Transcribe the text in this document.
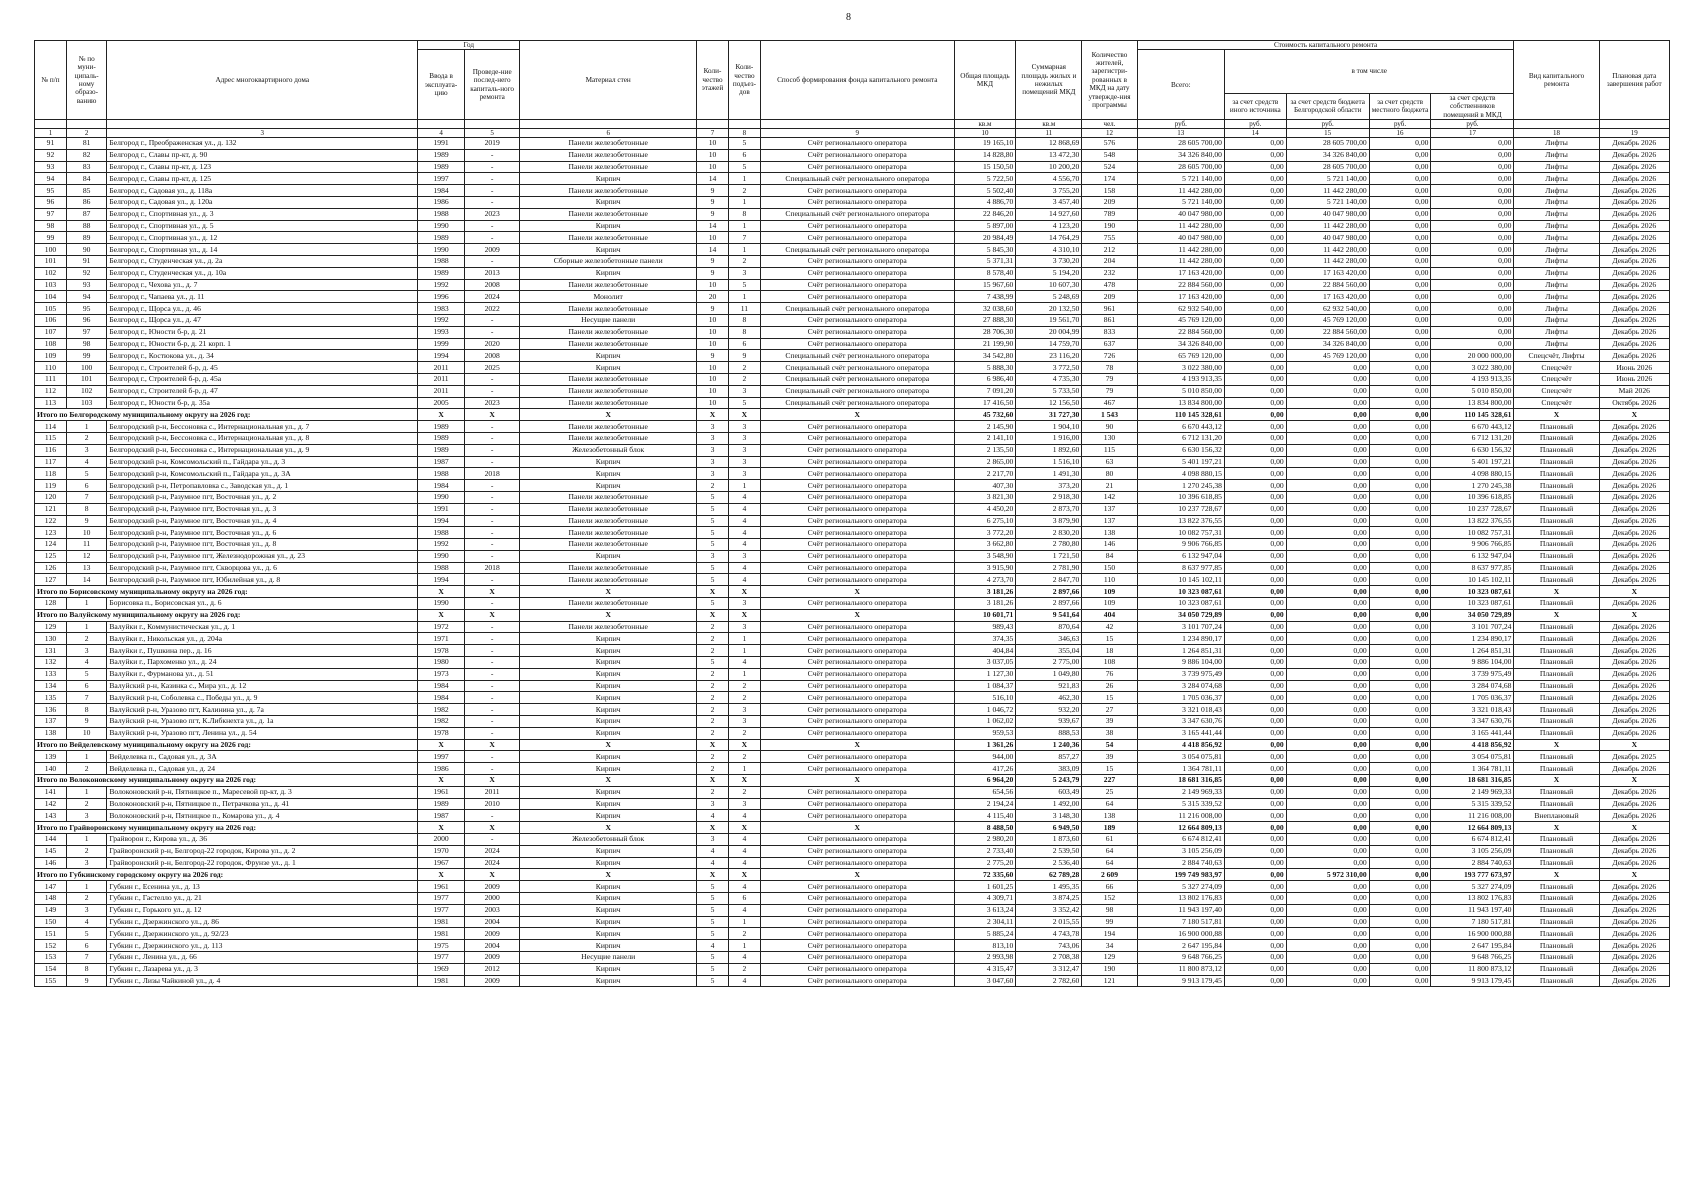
8
№ п/п	№ по муни-ципаль-ному образо-ванию	Адрес многоквартирного дома	Год		Материал стен	Коли-чество этажей	Коли-чество подъез-дов	Способ формирования фонда капитального ремонта	Общая площадь МКД	Суммарная площадь жилых и нежилых помещений МКД	Количество жителей, зарегистри-рованных в МКД на дату утвержде-ния программы	Стоимость капитального ремонта					Вид капитального ремонта	Плановая дата завершения работ
			Ввода в эксплуата-цию	Проведе-ние послед-него капиталь-ного ремонта								Всего:	в том числе					
													за счет средств иного источника	за счет средств бюджета Белгородской области	за счет средств местного бюджета	за счет средств собственников помещений в МКД		
									кв.м	кв.м	чел.	руб.	руб.	руб.	руб.	руб.		
1	2	3	4	5	6	7	8	9	10	11	12	13	14	15	16	17	18	19
91	81	Белгород г., Преображенская ул., д. 132	1991	2019	Панели железобетонные	10	5	Счёт регионального оператора	19 165,10	12 868,69	576	28 605 700,00	0,00	28 605 700,00	0,00	0,00	Лифты	Декабрь 2026
92	82	Белгород г., Славы пр-кт, д. 90	1989	-	Панели железобетонные	10	6	Счёт регионального оператора	14 828,80	13 472,30	548	34 326 840,00	0,00	34 326 840,00	0,00	0,00	Лифты	Декабрь 2026
93	83	Белгород г., Славы пр-кт, д. 123	1989	-	Панели железобетонные	10	5	Счёт регионального оператора	15 150,50	10 200,20	524	28 605 700,00	0,00	28 605 700,00	0,00	0,00	Лифты	Декабрь 2026
94	84	Белгород г., Славы пр-кт, д. 125	1997	-	Кирпич	14	1	Специальный счёт регионального оператора	5 722,50	4 556,70	174	5 721 140,00	0,00	5 721 140,00	0,00	0,00	Лифты	Декабрь 2026
95	85	Белгород г., Садовая ул., д. 118а	1984	-	Панели железобетонные	9	2	Счёт регионального оператора	5 502,40	3 755,20	158	11 442 280,00	0,00	11 442 280,00	0,00	0,00	Лифты	Декабрь 2026
96	86	Белгород г., Садовая ул., д. 120а	1986	-	Кирпич	9	1	Счёт регионального оператора	4 886,70	3 457,40	209	5 721 140,00	0,00	5 721 140,00	0,00	0,00	Лифты	Декабрь 2026
97	87	Белгород г., Спортивная ул., д. 3	1988	2023	Панели железобетонные	9	8	Специальный счёт регионального оператора	22 846,20	14 927,60	789	40 047 980,00	0,00	40 047 980,00	0,00	0,00	Лифты	Декабрь 2026
98	88	Белгород г., Спортивная ул., д. 5	1990	-	Кирпич	14	1	Счёт регионального оператора	5 897,00	4 123,20	190	11 442 280,00	0,00	11 442 280,00	0,00	0,00	Лифты	Декабрь 2026
99	89	Белгород г., Спортивная ул., д. 12	1989	-	Панели железобетонные	10	7	Счёт регионального оператора	20 984,49	14 764,29	755	40 047 980,00	0,00	40 047 980,00	0,00	0,00	Лифты	Декабрь 2026
100	90	Белгород г., Спортивная ул., д. 14	1990	2009	Кирпич	14	1	Специальный счёт регионального оператора	5 845,30	4 310,10	212	11 442 280,00	0,00	11 442 280,00	0,00	0,00	Лифты	Декабрь 2026
101	91	Белгород г., Студенческая ул., д. 2а	1988	-	Сборные железобетонные панели	9	2	Счёт регионального оператора	5 371,31	3 730,20	204	11 442 280,00	0,00	11 442 280,00	0,00	0,00	Лифты	Декабрь 2026
102	92	Белгород г., Студенческая ул., д. 10а	1989	2013	Кирпич	9	3	Счёт регионального оператора	8 578,40	5 194,20	232	17 163 420,00	0,00	17 163 420,00	0,00	0,00	Лифты	Декабрь 2026
103	93	Белгород г., Чехова ул., д. 7	1992	2008	Панели железобетонные	10	5	Счёт регионального оператора	15 967,60	10 607,30	478	22 884 560,00	0,00	22 884 560,00	0,00	0,00	Лифты	Декабрь 2026
104	94	Белгород г., Чапаева ул., д. 11	1996	2024	Монолит	20	1	Счёт регионального оператора	7 438,99	5 248,69	209	17 163 420,00	0,00	17 163 420,00	0,00	0,00	Лифты	Декабрь 2026
105	95	Белгород г., Щорса ул., д. 46	1983	2022	Панели железобетонные	9	11	Специальный счёт регионального оператора	32 038,60	20 132,50	961	62 932 540,00	0,00	62 932 540,00	0,00	0,00	Лифты	Декабрь 2026
106	96	Белгород г., Щорса ул., д. 47	1992	-	Несущие панели	10	8	Счёт регионального оператора	27 888,30	19 561,70	861	45 769 120,00	0,00	45 769 120,00	0,00	0,00	Лифты	Декабрь 2026
107	97	Белгород г., Юности б-р, д. 21	1993	-	Панели железобетонные	10	8	Счёт регионального оператора	28 706,30	20 004,99	833	22 884 560,00	0,00	22 884 560,00	0,00	0,00	Лифты	Декабрь 2026
108	98	Белгород г., Юности б-р, д. 21 корп. 1	1999	2020	Панели железобетонные	10	6	Счёт регионального оператора	21 199,90	14 759,70	637	34 326 840,00	0,00	34 326 840,00	0,00	0,00	Лифты	Декабрь 2026
109	99	Белгород г., Костюкова ул., д. 34	1994	2008	Кирпич	9	9	Специальный счёт регионального оператора	34 542,80	23 116,20	726	65 769 120,00	0,00	45 769 120,00	0,00	20 000 000,00	Спецсчёт, Лифты	Декабрь 2026
110	100	Белгород г., Строителей б-р, д. 45	2011	2025	Кирпич	10	2	Специальный счёт регионального оператора	5 888,30	3 772,50	78	3 022 380,00	0,00	0,00	0,00	3 022 380,00	Спецсчёт	Июнь 2026
111	101	Белгород г., Строителей б-р, д. 45а	2011	-	Панели железобетонные	10	2	Специальный счёт регионального оператора	6 986,40	4 735,30	79	4 193 913,35	0,00	0,00	0,00	4 193 913,35	Спецсчёт	Июнь 2026
112	102	Белгород г., Строителей б-р, д. 47	2011	-	Панели железобетонные	10	3	Специальный счёт регионального оператора	7 091,20	5 733,50	79	5 010 850,00	0,00	0,00	0,00	5 010 850,00	Спецсчёт	Май 2026
113	103	Белгород г., Юности б-р, д. 35а	2005	2023	Панели железобетонные	10	5	Специальный счёт регионального оператора	17 416,50	12 156,50	467	13 834 800,00	0,00	0,00	0,00	13 834 800,00	Спецсчёт	Октябрь 2026
Итого по Белгородскому муниципальному округу на 2026 год:			X	X	X	X	X	X	45 732,60	31 727,30	1 543	110 145 328,61	0,00	0,00	0,00	110 145 328,61	X	X
114	1	Белгородский р-н, Бессоновка с., Интернациональная ул., д. 7	1989	-	Панели железобетонные	3	3	Счёт регионального оператора	2 145,90	1 904,10	90	6 670 443,12	0,00	0,00	0,00	6 670 443,12	Плановый	Декабрь 2026
115	2	Белгородский р-н, Бессоновка с., Интернациональная ул., д. 8	1989	-	Панели железобетонные	3	3	Счёт регионального оператора	2 141,10	1 916,00	130	6 712 131,20	0,00	0,00	0,00	6 712 131,20	Плановый	Декабрь 2026
116	3	Белгородский р-н, Бессоновка с., Интернациональная ул., д. 9	1989	-	Железобетонный блок	3	3	Счёт регионального оператора	2 135,50	1 892,60	115	6 630 156,32	0,00	0,00	0,00	6 630 156,32	Плановый	Декабрь 2026
117	4	Белгородский р-н, Комсомольский п., Гайдара ул., д. 3	1987	-	Кирпич	3	3	Счёт регионального оператора	2 865,00	1 516,10	63	5 401 197,21	0,00	0,00	0,00	5 401 197,21	Плановый	Декабрь 2026
118	5	Белгородский р-н, Комсомольский п., Гайдара ул., д. 3А	1988	2018	Кирпич	3	3	Счёт регионального оператора	2 217,70	1 491,30	80	4 098 880,15	0,00	0,00	0,00	4 098 880,15	Плановый	Декабрь 2026
119	6	Белгородский р-н, Петропавловка с., Заводская ул., д. 1	1984	-	Кирпич	2	1	Счёт регионального оператора	407,30	373,20	21	1 270 245,38	0,00	0,00	0,00	1 270 245,38	Плановый	Декабрь 2026
120	7	Белгородский р-н, Разумное пгт, Восточная ул., д. 2	1990	-	Панели железобетонные	5	4	Счёт регионального оператора	3 821,30	2 918,30	142	10 396 618,85	0,00	0,00	0,00	10 396 618,85	Плановый	Декабрь 2026
121	8	Белгородский р-н, Разумное пгт, Восточная ул., д. 3	1991	-	Панели железобетонные	5	4	Счёт регионального оператора	4 450,20	2 873,70	137	10 237 728,67	0,00	0,00	0,00	10 237 728,67	Плановый	Декабрь 2026
122	9	Белгородский р-н, Разумное пгт, Восточная ул., д. 4	1994	-	Панели железобетонные	5	4	Счёт регионального оператора	6 275,10	3 879,90	137	13 822 376,55	0,00	0,00	0,00	13 822 376,55	Плановый	Декабрь 2026
123	10	Белгородский р-н, Разумное пгт, Восточная ул., д. 6	1988	-	Панели железобетонные	5	4	Счёт регионального оператора	3 772,20	2 830,20	138	10 082 757,31	0,00	0,00	0,00	10 082 757,31	Плановый	Декабрь 2026
124	11	Белгородский р-н, Разумное пгт, Восточная ул., д. 8	1992	-	Панели железобетонные	5	4	Счёт регионального оператора	3 662,80	2 780,80	146	9 906 766,85	0,00	0,00	0,00	9 906 766,85	Плановый	Декабрь 2026
125	12	Белгородский р-н, Разумное пгт, Железнодорожная ул., д. 23	1990	-	Кирпич	3	3	Счёт регионального оператора	3 548,90	1 721,50	84	6 132 947,04	0,00	0,00	0,00	6 132 947,04	Плановый	Декабрь 2026
126	13	Белгородский р-н, Разумное пгт, Скворцова ул., д. 6	1988	2018	Панели железобетонные	5	4	Счёт регионального оператора	3 915,90	2 781,90	150	8 637 977,85	0,00	0,00	0,00	8 637 977,85	Плановый	Декабрь 2026
127	14	Белгородский р-н, Разумное пгт, Юбилейная ул., д. 8	1994	-	Панели железобетонные	5	4	Счёт регионального оператора	4 273,70	2 847,70	110	10 145 102,11	0,00	0,00	0,00	10 145 102,11	Плановый	Декабрь 2026
Итого по Борисовскому муниципальному округу на 2026 год:			X	X	X	X	X	X	3 181,26	2 897,66	109	10 323 087,61	0,00	0,00	0,00	10 323 087,61	X	X
128	1	Борисовка п., Борисовская ул., д. 6	1990	-	Панели железобетонные	5	3	Счёт регионального оператора	3 181,26	2 897,66	109	10 323 087,61	0,00	0,00	0,00	10 323 087,61	Плановый	Декабрь 2026
Итого по Валуйскому муниципальному округу на 2026 год:			X	X	X	X	X	X	10 601,71	9 541,64	404	34 050 729,89	0,00	0,00	0,00	34 050 729,89	X	X
129	1	Валуйки г., Коммунистическая ул., д. 1	1972	-	Панели железобетонные	2	3	Счёт регионального оператора	989,43	870,64	42	3 101 707,24	0,00	0,00	0,00	3 101 707,24	Плановый	Декабрь 2026
130	2	Валуйки г., Никольская ул., д. 204а	1971	-	Кирпич	2	1	Счёт регионального оператора	374,35	346,63	15	1 234 890,17	0,00	0,00	0,00	1 234 890,17	Плановый	Декабрь 2026
131	3	Валуйки г., Пушкина пер., д. 16	1978	-	Кирпич	2	1	Счёт регионального оператора	404,84	355,04	18	1 264 851,31	0,00	0,00	0,00	1 264 851,31	Плановый	Декабрь 2026
132	4	Валуйки г., Пархоменко ул., д. 24	1980	-	Кирпич	5	4	Счёт регионального оператора	3 037,05	2 775,00	108	9 886 104,00	0,00	0,00	0,00	9 886 104,00	Плановый	Декабрь 2026
133	5	Валуйки г., Фурманова ул., д. 51	1973	-	Кирпич	2	1	Счёт регионального оператора	1 127,30	1 049,80	76	3 739 975,49	0,00	0,00	0,00	3 739 975,49	Плановый	Декабрь 2026
134	6	Валуйский р-н, Казинка с., Мира ул., д. 12	1984	-	Кирпич	2	2	Счёт регионального оператора	1 084,37	921,83	26	3 284 074,68	0,00	0,00	0,00	3 284 074,68	Плановый	Декабрь 2026
135	7	Валуйский р-н, Соболевка с., Победы ул., д. 9	1984	-	Кирпич	2	2	Счёт регионального оператора	516,10	462,30	15	1 705 036,37	0,00	0,00	0,00	1 705 036,37	Плановый	Декабрь 2026
136	8	Валуйский р-н, Уразово пгт, Калинина ул., д. 7а	1982	-	Кирпич	2	3	Счёт регионального оператора	1 046,72	932,20	27	3 321 018,43	0,00	0,00	0,00	3 321 018,43	Плановый	Декабрь 2026
137	9	Валуйский р-н, Уразово пгт, К.Либкнехта ул., д. 1а	1982	-	Кирпич	2	3	Счёт регионального оператора	1 062,02	939,67	39	3 347 630,76	0,00	0,00	0,00	3 347 630,76	Плановый	Декабрь 2026
138	10	Валуйский р-н, Уразово пгт, Ленина ул., д. 54	1978	-	Кирпич	2	2	Счёт регионального оператора	959,53	888,53	38	3 165 441,44	0,00	0,00	0,00	3 165 441,44	Плановый	Декабрь 2026
Итого по Вейделевскому муниципальному округу на 2026 год:			X	X	X	X	X	X	1 361,26	1 240,36	54	4 418 856,92	0,00	0,00	0,00	4 418 856,92	X	X
139	1	Вейделевка п., Садовая ул., д. 3А	1997	-	Кирпич	2	2	Счёт регионального оператора	944,00	857,27	39	3 054 075,81	0,00	0,00	0,00	3 054 075,81	Плановый	Декабрь 2025
140	2	Вейделевка п., Садовая ул., д. 24	1986	-	Кирпич	2	1	Счёт регионального оператора	417,26	383,09	15	1 364 781,11	0,00	0,00	0,00	1 364 781,11	Плановый	Декабрь 2026
Итого по Волоконовскому муниципальному округу на 2026 год:			X	X	X	X	X	X	6 964,20	5 243,79	227	18 681 316,85	0,00	0,00	0,00	18 681 316,85	X	X
141	1	Волоконовский р-н, Пятницкое п., Маресевой пр-кт, д. 3	1961	2011	Кирпич	2	2	Счёт регионального оператора	654,56	603,49	25	2 149 969,33	0,00	0,00	0,00	2 149 969,33	Плановый	Декабрь 2026
142	2	Волоконовский р-н, Пятницкое п., Петрачкова ул., д. 41	1989	2010	Кирпич	3	3	Счёт регионального оператора	2 194,24	1 492,00	64	5 315 339,52	0,00	0,00	0,00	5 315 339,52	Плановый	Декабрь 2026
143	3	Волоконовский р-н, Пятницкое п., Комарова ул., д. 4	1987	-	Кирпич	4	4	Счёт регионального оператора	4 115,40	3 148,30	138	11 216 008,00	0,00	0,00	0,00	11 216 008,00	Внеплановый	Декабрь 2026
Итого по Грайворонскому муниципальному округу на 2026 год:			X	X	X	X	X	X	8 488,50	6 949,50	189	12 664 809,13	0,00	0,00	0,00	12 664 809,13	X	X
144	1	Грайворон г., Кирова ул., д. 36	2000	-	Железобетонный блок	3	4	Счёт регионального оператора	2 980,20	1 873,60	61	6 674 812,41	0,00	0,00	0,00	6 674 812,41	Плановый	Декабрь 2026
145	2	Грайворонский р-н, Белгород-22 городок, Кирова ул., д. 2	1970	2024	Кирпич	4	4	Счёт регионального оператора	2 733,40	2 539,50	64	3 105 256,09	0,00	0,00	0,00	3 105 256,09	Плановый	Декабрь 2026
146	3	Грайворонский р-н, Белгород-22 городок, Фрунзе ул., д. 1	1967	2024	Кирпич	4	4	Счёт регионального оператора	2 775,20	2 536,40	64	2 884 740,63	0,00	0,00	0,00	2 884 740,63	Плановый	Декабрь 2026
Итого по Губкинскому городскому округу на 2026 год:			X	X	X	X	X	X	72 335,60	62 789,28	2 609	199 749 983,97	0,00	5 972 310,00	0,00	193 777 673,97	X	X
147	1	Губкин г., Есенина ул., д. 13	1961	2009	Кирпич	5	4	Счёт регионального оператора	1 601,25	1 495,35	66	5 327 274,09	0,00	0,00	0,00	5 327 274,09	Плановый	Декабрь 2026
148	2	Губкин г., Гастелло ул., д. 21	1977	2000	Кирпич	5	6	Счёт регионального оператора	4 309,71	3 874,25	152	13 802 176,83	0,00	0,00	0,00	13 802 176,83	Плановый	Декабрь 2026
149	3	Губкин г., Горького ул., д. 12	1977	2003	Кирпич	5	4	Счёт регионального оператора	3 613,24	3 352,42	98	11 943 197,40	0,00	0,00	0,00	11 943 197,40	Плановый	Декабрь 2026
150	4	Губкин г., Дзержинского ул., д. 86	1981	2004	Кирпич	5	1	Счёт регионального оператора	2 304,11	2 015,55	99	7 180 517,81	0,00	0,00	0,00	7 180 517,81	Плановый	Декабрь 2026
151	5	Губкин г., Дзержинского ул., д. 92/23	1981	2009	Кирпич	5	2	Счёт регионального оператора	5 885,24	4 743,78	194	16 900 000,88	0,00	0,00	0,00	16 900 000,88	Плановый	Декабрь 2026
152	6	Губкин г., Дзержинского ул., д. 113	1975	2004	Кирпич	4	1	Счёт регионального оператора	813,10	743,06	34	2 647 195,84	0,00	0,00	0,00	2 647 195,84	Плановый	Декабрь 2026
153	7	Губкин г., Ленина ул., д. 66	1977	2009	Несущие панели	5	4	Счёт регионального оператора	2 993,98	2 708,38	129	9 648 766,25	0,00	0,00	0,00	9 648 766,25	Плановый	Декабрь 2026
154	8	Губкин г., Лазарева ул., д. 3	1969	2012	Кирпич	5	2	Счёт регионального оператора	4 315,47	3 312,47	190	11 800 873,12	0,00	0,00	0,00	11 800 873,12	Плановый	Декабрь 2026
155	9	Губкин г., Лизы Чайкиной ул., д. 4	1981	2009	Кирпич	5	4	Счёт регионального оператора	3 047,60	2 782,60	121	9 913 179,45	0,00	0,00	0,00	9 913 179,45	Плановый	Декабрь 2026
